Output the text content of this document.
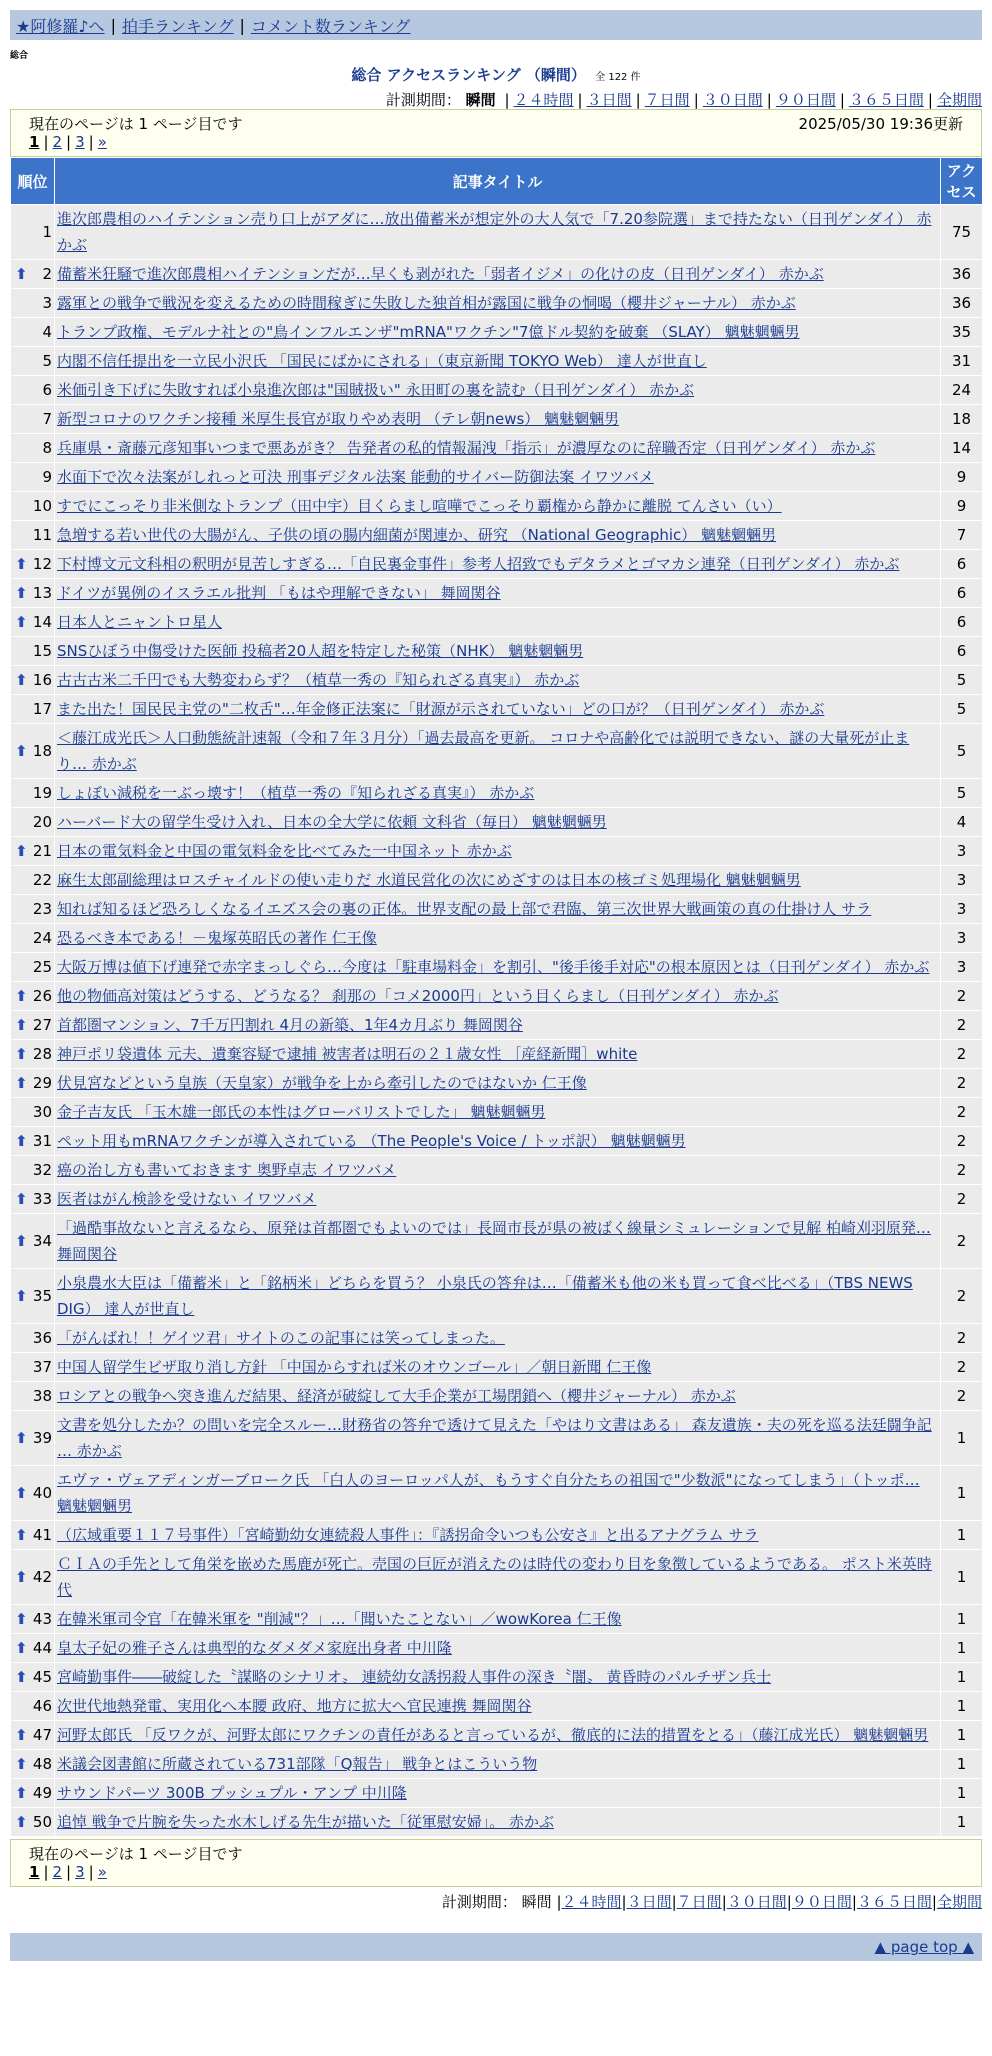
★阿修羅♪へ | 拍手ランキング | コメント数ランキング
総合
総合 アクセスランキング （瞬間） 全 122 件
計測期間： 瞬間 | ２４時間 | ３日間 | ７日間 | ３０日間 | ９０日間 | ３６５日間 | 全期間
現在のページは 1 ページ目です	2025/05/30 19:36更新
1 | 2 | 3 | »
順位	記事タイトル	アクセス
1	進次郎農相のハイテンション売り口上がアダに…放出備蓄米が想定外の大人気で「7.20参院選」まで持たない（日刊ゲンダイ） 赤かぶ	75

⬆ 2	備蓄米狂騒で進次郎農相ハイテンションだが…早くも剥がれた「弱者イジメ」の化けの皮（日刊ゲンダイ） 赤かぶ	36
3	露軍との戦争で戦況を変えるための時間稼ぎに失敗した独首相が露国に戦争の恫喝（櫻井ジャーナル） 赤かぶ	36
4	トランプ政権、モデルナ社との"鳥インフルエンザ"mRNA"ワクチン"7億ドル契約を破棄 （SLAY） 魑魅魍魎男	35
5	内閣不信任提出を一立民小沢氏 「国民にばかにされる」（東京新聞 TOKYO Web） 達人が世直し	31
6	米価引き下げに失敗すれば小泉進次郎は"国賊扱い" 永田町の裏を読む（日刊ゲンダイ） 赤かぶ	24
7	新型コロナのワクチン接種 米厚生長官が取りやめ表明 （テレ朝news） 魑魅魍魎男	18
8	兵庫県・斎藤元彦知事いつまで悪あがき？ 告発者の私的情報漏洩「指示」が濃厚なのに辞職否定（日刊ゲンダイ） 赤かぶ	14
9	水面下で次々法案がしれっと可決 刑事デジタル法案 能動的サイバー防御法案 イワツバメ	9
10	すでにこっそり非米側なトランプ（田中宇）目くらまし喧嘩でこっそり覇権から静かに離脱 てんさい（い）	9
11	急増する若い世代の大腸がん、子供の頃の腸内細菌が関連か、研究 （National Geographic） 魑魅魍魎男	7

⬆ 12	下村博文元文科相の釈明が見苦しすぎる…「自民裏金事件」参考人招致でもデタラメとゴマカシ連発（日刊ゲンダイ） 赤かぶ	6

⬆ 13	ドイツが異例のイスラエル批判 「もはや理解できない」 舞岡関谷	6

⬆ 14	日本人とニャントロ星人	6
15	SNSひぼう中傷受けた医師 投稿者20人超を特定した秘策（NHK） 魑魅魍魎男	6

⬆ 16	古古古米二千円でも大勢変わらず？（植草一秀の『知られざる真実』） 赤かぶ	5
17	また出た！国民民主党の"二枚舌"…年金修正法案に「財源が示されていない」どの口が？（日刊ゲンダイ） 赤かぶ	5

⬆ 18	＜藤江成光氏＞人口動態統計速報（令和７年３月分）「過去最高を更新。 コロナや高齢化では説明できない、謎の大量死が止まり… 赤かぶ	5
19	しょぼい減税を一ぶっ壊す！（植草一秀の『知られざる真実』） 赤かぶ	5
20	ハーバード大の留学生受け入れ、日本の全大学に依頼 文科省（毎日） 魑魅魍魎男	4

⬆ 21	日本の電気料金と中国の電気料金を比べてみた一中国ネット 赤かぶ	3
22	麻生太郎副総理はロスチャイルドの使い走りだ 水道民営化の次にめざすのは日本の核ゴミ処理場化 魑魅魍魎男	3
23	知れば知るほど恐ろしくなるイエズス会の裏の正体。世界支配の最上部で君臨、第三次世界大戦画策の真の仕掛け人 サラ	3
24	恐るべき本である！－鬼塚英昭氏の著作 仁王像	3
25	大阪万博は値下げ連発で赤字まっしぐら…今度は「駐車場料金」を割引、"後手後手対応"の根本原因とは（日刊ゲンダイ） 赤かぶ	3

⬆ 26	他の物価高対策はどうする、どうなる？ 刹那の「コメ2000円」という目くらまし（日刊ゲンダイ） 赤かぶ	2

⬆ 27	首都圏マンション、7千万円割れ 4月の新築、1年4カ月ぶり 舞岡関谷	2

⬆ 28	神戸ポリ袋遺体 元夫、遺棄容疑で逮捕 被害者は明石の２１歳女性 ［産経新聞］white	2

⬆ 29	伏見宮などという皇族（天皇家）が戦争を上から牽引したのではないか 仁王像	2
30	金子吉友氏 「玉木雄一郎氏の本性はグローバリストでした」 魑魅魍魎男	2

⬆ 31	ペット用もmRNAワクチンが導入されている （The People's Voice / トッポ訳） 魑魅魍魎男	2
32	癌の治し方も書いておきます 奥野卓志 イワツバメ	2

⬆ 33	医者はがん検診を受けない イワツバメ	2

⬆ 34	「過酷事故ないと言えるなら、原発は首都圏でもよいのでは」長岡市長が県の被ばく線量シミュレーションで見解 柏崎刈羽原発… 舞岡関谷	2

⬆ 35	小泉農水大臣は「備蓄米」と「銘柄米」どちらを買う？ 小泉氏の答弁は…「備蓄米も他の米も買って食べ比べる」（TBS NEWS DIG） 達人が世直し	2
36	「がんばれ！！ゲイツ君」サイトのこの記事には笑ってしまった。	2
37	中国人留学生ビザ取り消し方針 「中国からすれば米のオウンゴール」／朝日新聞 仁王像	2
38	ロシアとの戦争へ突き進んだ結果、経済が破綻して大手企業が工場閉鎖へ（櫻井ジャーナル） 赤かぶ	2

⬆ 39	文書を処分したか？の問いを完全スルー…財務省の答弁で透けて見えた「やはり文書はある」 森友遺族・夫の死を巡る法廷闘争記 … 赤かぶ	1

⬆ 40	エヴァ・ヴェアディンガーブローク氏 「白人のヨーロッパ人が、もうすぐ自分たちの祖国で"少数派"になってしまう」（トッポ… 魑魅魍魎男	1

⬆ 41	（広域重要１１７号事件）「宮崎勤幼女連続殺人事件」：『誘拐命令いつも公安さ』と出るアナグラム サラ	1

⬆ 42	ＣＩＡの手先として角栄を嵌めた馬鹿が死亡。売国の巨匠が消えたのは時代の変わり目を象徴しているようである。 ポスト米英時代	1

⬆ 43	在韓米軍司令官「在韓米軍を "削減"？」…「聞いたことない」／wowKorea 仁王像	1

⬆ 44	皇太子妃の雅子さんは典型的なダメダメ家庭出身者 中川隆	1

⬆ 45	宮崎勤事件――破綻した〝謀略のシナリオ〟 連続幼女誘拐殺人事件の深き〝闇〟 黄昏時のパルチザン兵士	1
46	次世代地熱発電、実用化へ本腰 政府、地方に拡大へ官民連携 舞岡関谷	1

⬆ 47	河野太郎氏 「反ワクが、河野太郎にワクチンの責任があると言っているが、徹底的に法的措置をとる」（藤江成光氏） 魑魅魍魎男	1

⬆ 48	米議会図書館に所蔵されている731部隊「Q報告」 戦争とはこういう物	1

⬆ 49	サウンドパーツ 300B プッシュプル・アンプ 中川隆	1

⬆ 50	追悼 戦争で片腕を失った水木しげる先生が描いた「従軍慰安婦」。 赤かぶ	1
現在のページは 1 ページ目です
1 | 2 | 3 | »
計測期間： 瞬間 |２４時間|３日間|７日間|３０日間|９０日間|３６５日間|全期間
▲ page top ▲
